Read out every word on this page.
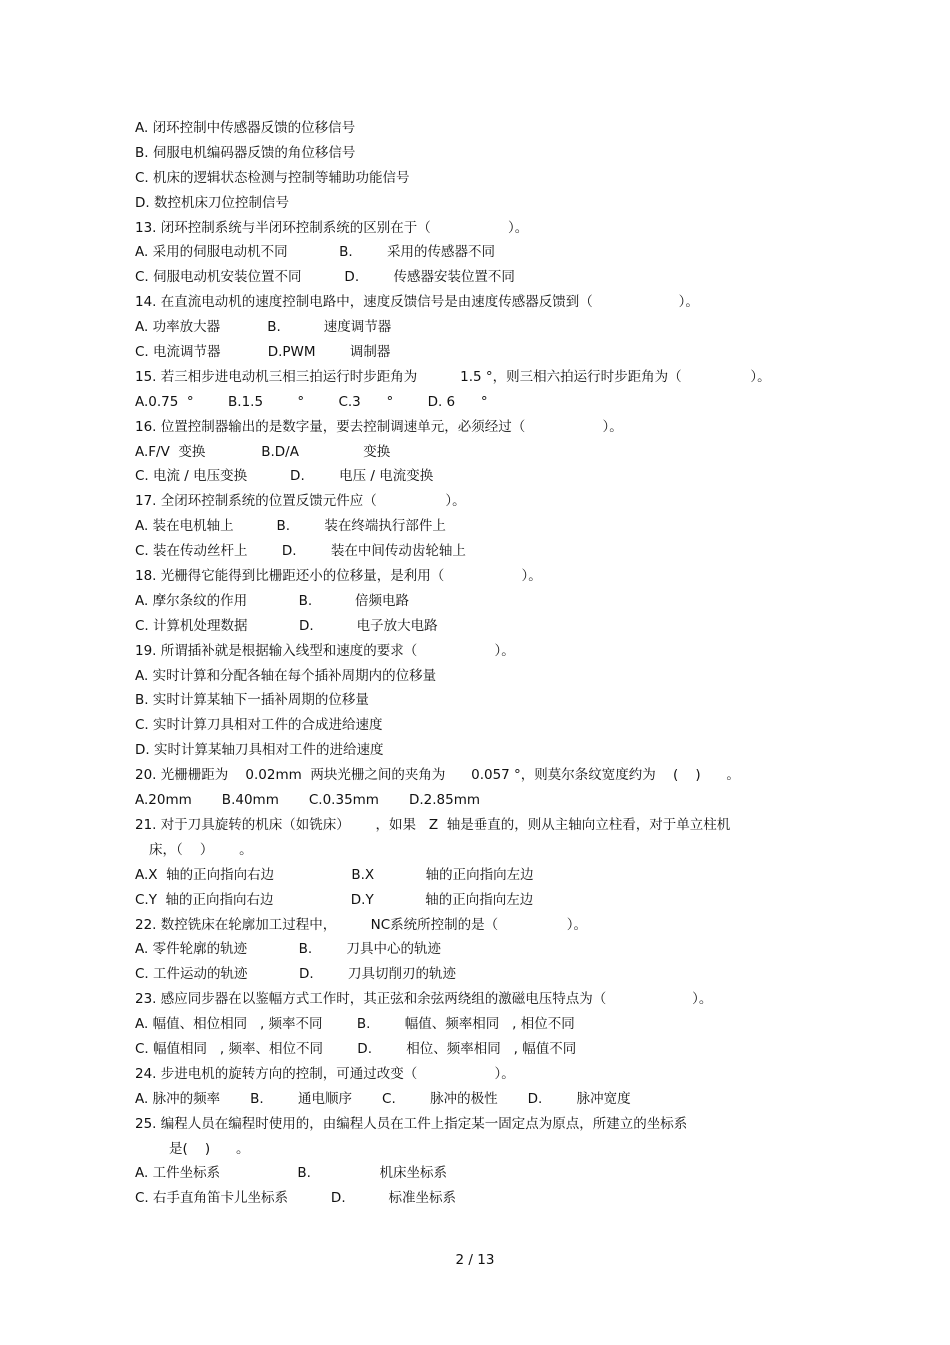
A. 闭环控制中传感器反馈的位移信号
B. 伺服电机编码器反馈的角位移信号
C. 机床的逻辑状态检测与控制等辅助功能信号
D. 数控机床刀位控制信号
13. 闭环控制系统与半闭环控制系统的区别在于（                  ）。
A. 采用的伺服电动机不同            B.        采用的传感器不同
C. 伺服电动机安装位置不同          D.        传感器安装位置不同
14. 在直流电动机的速度控制电路中，速度反馈信号是由速度传感器反馈到（                    ）。
A. 功率放大器           B.          速度调节器
C. 电流调节器           D.PWM        调制器
15. 若三相步进电动机三相三拍运行时步距角为          1.5 °，则三相六拍运行时步距角为（                ）。
A.0.75  °        B.1.5        °        C.3      °        D. 6      °
16. 位置控制器输出的是数字量，要去控制调速单元，必须经过（                  ）。
A.F/V  变换             B.D/A               变换
C. 电流 / 电压变换          D.        电压 / 电流变换
17. 全闭环控制系统的位置反馈元件应（                ）。
A. 装在电机轴上          B.        装在终端执行部件上
C. 装在传动丝杆上        D.        装在中间传动齿轮轴上
18. 光栅得它能得到比栅距还小的位移量，是利用（                  ）。
A. 摩尔条纹的作用            B.          倍频电路
C. 计算机处理数据            D.          电子放大电路
19. 所谓插补就是根据输入线型和速度的要求（                  ）。
A. 实时计算和分配各轴在每个插补周期内的位移量
B. 实时计算某轴下一插补周期的位移量
C. 实时计算刀具相对工件的合成进给速度
D. 实时计算某轴刀具相对工件的进给速度
20. 光栅栅距为    0.02mm  两块光栅之间的夹角为      0.057 °，则莫尔条纹宽度约为    (    )      。
A.20mm       B.40mm       C.0.35mm       D.2.85mm
21. 对于刀具旋转的机床（如铣床）      ，如果   Z  轴是垂直的，则从主轴向立柱看，对于单立柱机
床，（    ）      。
A.X  轴的正向指向右边                  B.X            轴的正向指向左边
C.Y  轴的正向指向右边                  D.Y            轴的正向指向左边
22. 数控铣床在轮廓加工过程中，        NC系统所控制的是（                ）。
A. 零件轮廓的轨迹            B.        刀具中心的轨迹
C. 工件运动的轨迹            D.        刀具切削刃的轨迹
23. 感应同步器在以鉴幅方式工作时，其正弦和余弦两绕组的激磁电压特点为（                    ）。
A. 幅值、相位相同   , 频率不同        B.        幅值、频率相同   , 相位不同
C. 幅值相同   , 频率、相位不同        D.        相位、频率相同   , 幅值不同
24. 步进电机的旋转方向的控制，可通过改变（                  ）。
A. 脉冲的频率       B.        通电顺序       C.        脉冲的极性       D.        脉冲宽度
25. 编程人员在编程时使用的，由编程人员在工件上指定某一固定点为原点，所建立的坐标系
是(    )      。
A. 工件坐标系                  B.                机床坐标系
C. 右手直角笛卡儿坐标系          D.          标准坐标系
2 / 13
